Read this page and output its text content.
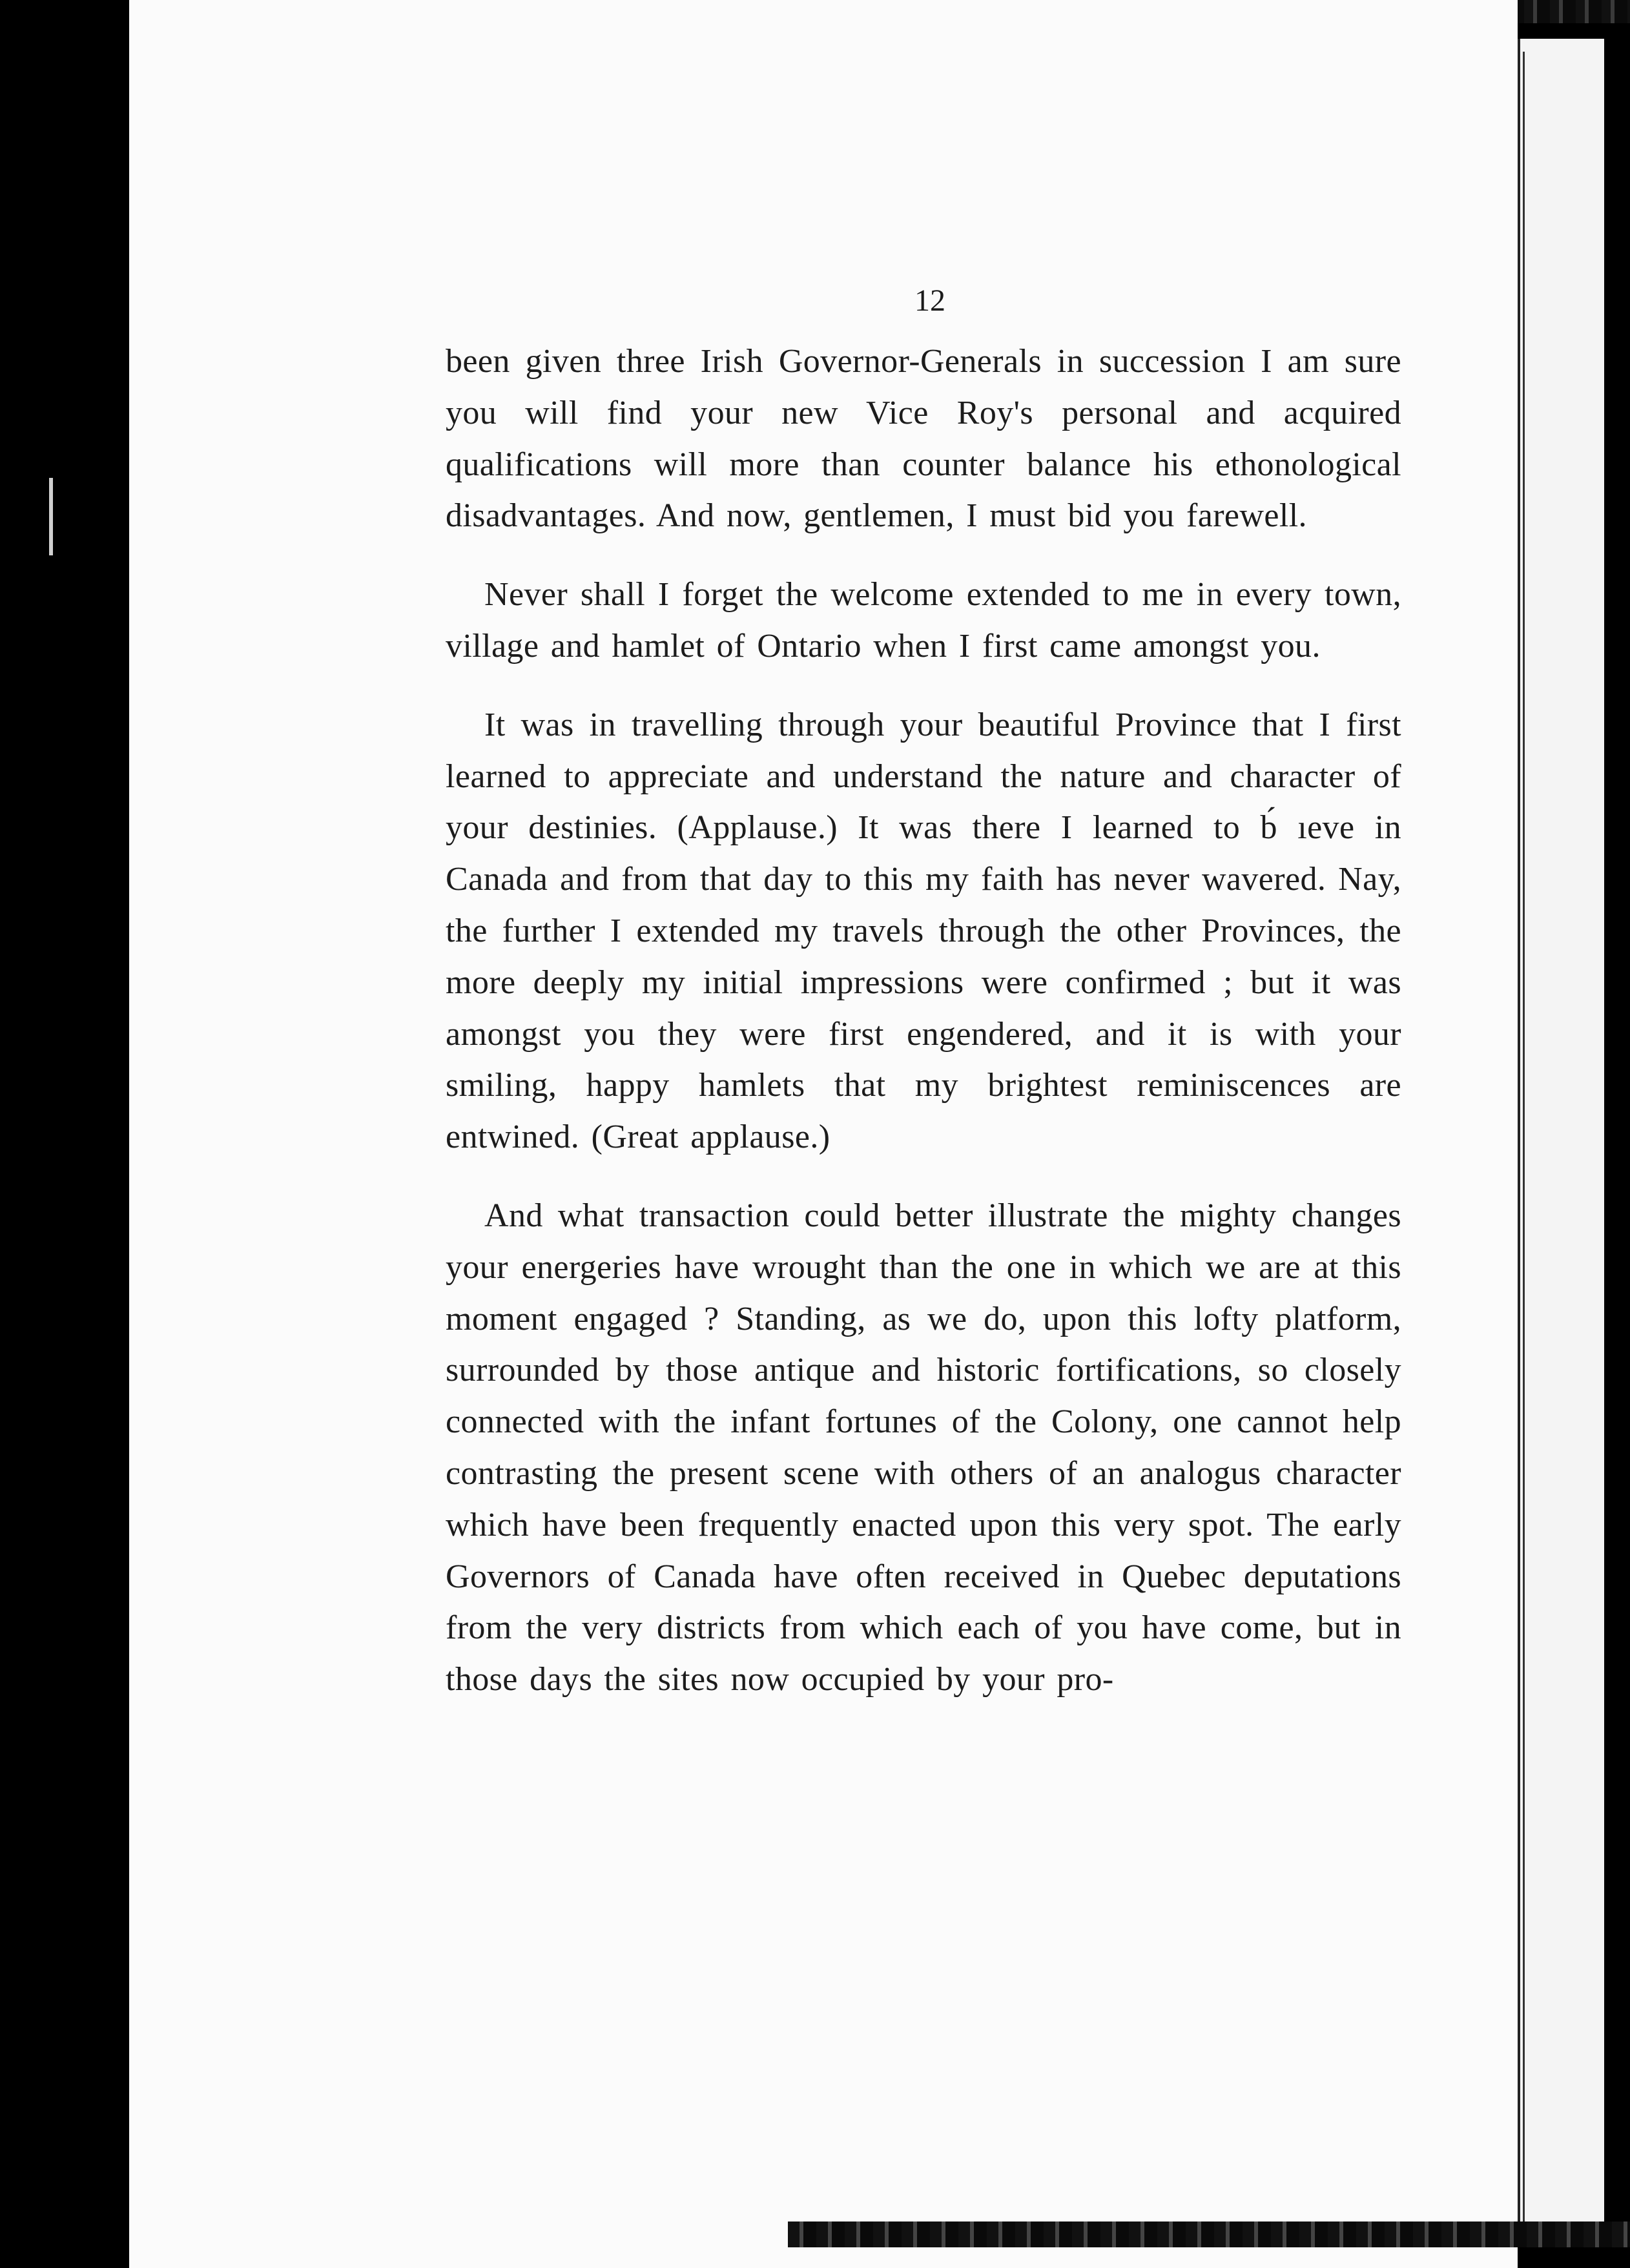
12

been given three Irish Governor-Generals in succession I am sure you will find your new Vice Roy's personal and acquired qualifications will more than counter balance his ethonological disadvantages. And now, gentlemen, I must bid you farewell.

Never shall I forget the welcome extended to me in every town, village and hamlet of Ontario when I first came amongst you.

It was in travelling through your beautiful Province that I first learned to appreciate and understand the nature and character of your destinies. (Applause.) It was there I learned to b́ ıeve in Canada and from that day to this my faith has never wavered. Nay, the further I extended my travels through the other Provinces, the more deeply my initial impressions were confirmed ; but it was amongst you they were first engendered, and it is with your smiling, happy hamlets that my brightest reminiscences are entwined. (Great applause.)

And what transaction could better illustrate the mighty changes your energeries have wrought than the one in which we are at this moment engaged ? Standing, as we do, upon this lofty platform, surrounded by those antique and historic fortifications, so closely connected with the infant fortunes of the Colony, one cannot help contrasting the present scene with others of an analogus character which have been frequently enacted upon this very spot. The early Governors of Canada have often received in Quebec deputations from the very districts from which each of you have come, but in those days the sites now occupied by your pro-
